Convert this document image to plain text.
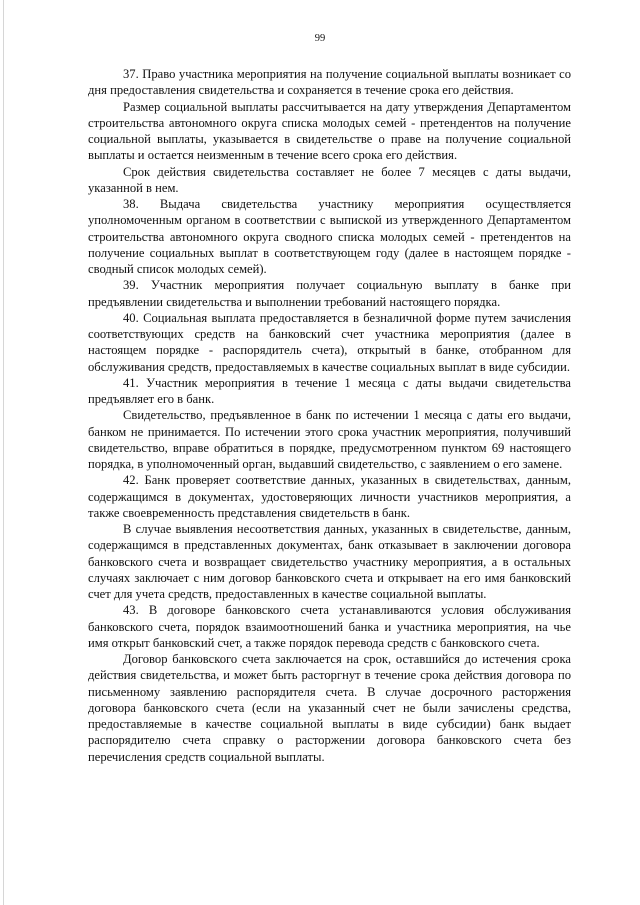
99

37. Право участника мероприятия на получение социальной выплаты возникает со дня предоставления свидетельства и сохраняется в течение срока его действия.

Размер социальной выплаты рассчитывается на дату утверждения Департаментом строительства автономного округа списка молодых семей - претендентов на получение социальной выплаты, указывается в свидетельстве о праве на получение социальной выплаты и остается неизменным в течение всего срока его действия.

Срок действия свидетельства составляет не более 7 месяцев с даты выдачи, указанной в нем.

38. Выдача свидетельства участнику мероприятия осуществляется уполномоченным органом в соответствии с выпиской из утвержденного Департаментом строительства автономного округа сводного списка молодых семей - претендентов на получение социальных выплат в соответствующем году (далее в настоящем порядке - сводный список молодых семей).

39. Участник мероприятия получает социальную выплату в банке при предъявлении свидетельства и выполнении требований настоящего порядка.

40. Социальная выплата предоставляется в безналичной форме путем зачисления соответствующих средств на банковский счет участника мероприятия (далее в настоящем порядке - распорядитель счета), открытый в банке, отобранном для обслуживания средств, предоставляемых в качестве социальных выплат в виде субсидии.

41. Участник мероприятия в течение 1 месяца с даты выдачи свидетельства предъявляет его в банк.

Свидетельство, предъявленное в банк по истечении 1 месяца с даты его выдачи, банком не принимается. По истечении этого срока участник мероприятия, получивший свидетельство, вправе обратиться в порядке, предусмотренном пунктом 69 настоящего порядка, в уполномоченный орган, выдавший свидетельство, с заявлением о его замене.

42. Банк проверяет соответствие данных, указанных в свидетельствах, данным, содержащимся в документах, удостоверяющих личности участников мероприятия, а также своевременность представления свидетельств в банк.

В случае выявления несоответствия данных, указанных в свидетельстве, данным, содержащимся в представленных документах, банк отказывает в заключении договора банковского счета и возвращает свидетельство участнику мероприятия, а в остальных случаях заключает с ним договор банковского счета и открывает на его имя банковский счет для учета средств, предоставленных в качестве социальной выплаты.

43. В договоре банковского счета устанавливаются условия обслуживания банковского счета, порядок взаимоотношений банка и участника мероприятия, на чье имя открыт банковский счет, а также порядок перевода средств с банковского счета.

Договор банковского счета заключается на срок, оставшийся до истечения срока действия свидетельства, и может быть расторгнут в течение срока действия договора по письменному заявлению распорядителя счета. В случае досрочного расторжения договора банковского счета (если на указанный счет не были зачислены средства, предоставляемые в качестве социальной выплаты в виде субсидии) банк выдает распорядителю счета справку о расторжении договора банковского счета без перечисления средств социальной выплаты.
